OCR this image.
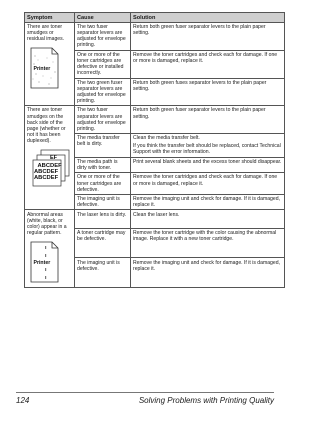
Symptom	Cause	Solution

There are toner smudges or residual images.

Printer	The two fuser separator levers are adjusted for envelope printing.	Return both green fuser separator levers to the plain paper setting.

	One or more of the toner cartridges are defective or installed incorrectly.	Remove the toner cartridges and check each for damage. If one or more is damaged, replace it.

	The two green fuser separator levers are adjusted for envelope printing.	Return both green fuses separator levers to the plain paper setting.

There are toner smudges on the back side of the page (whether or not it has been duplexed).

EF
ABCDEF
ABCDEF
ABCDEF	The two fuser separator levers are adjusted for envelope printing.	Return both green fuser separator levers to the plain paper setting.

	The media transfer belt is dirty.	Clean the media transfer belt.

If you think the transfer belt should be replaced, contact Technical Support with the error information.

	The media path is dirty with toner.	Print several blank sheets and the excess toner should disappear.

	One or more of the toner cartridges are defective.	Remove the toner cartridges and check each for damage. If one or more is damaged, replace it.

	The imaging unit is defective.	Remove the imaging unit and check for damage. If it is damaged, replace it.

Abnormal areas (white, black, or color) appear in a regular pattern.

Printer	The laser lens is dirty.	Clean the laser lens.

	A toner cartridge may be defective.	Remove the toner cartridge with the color causing the abnormal image. Replace it with a new toner cartridge.

	The imaging unit is defective.	Remove the imaging unit and check for damage. If it is damaged, replace it.

124	Solving Problems with Printing Quality
